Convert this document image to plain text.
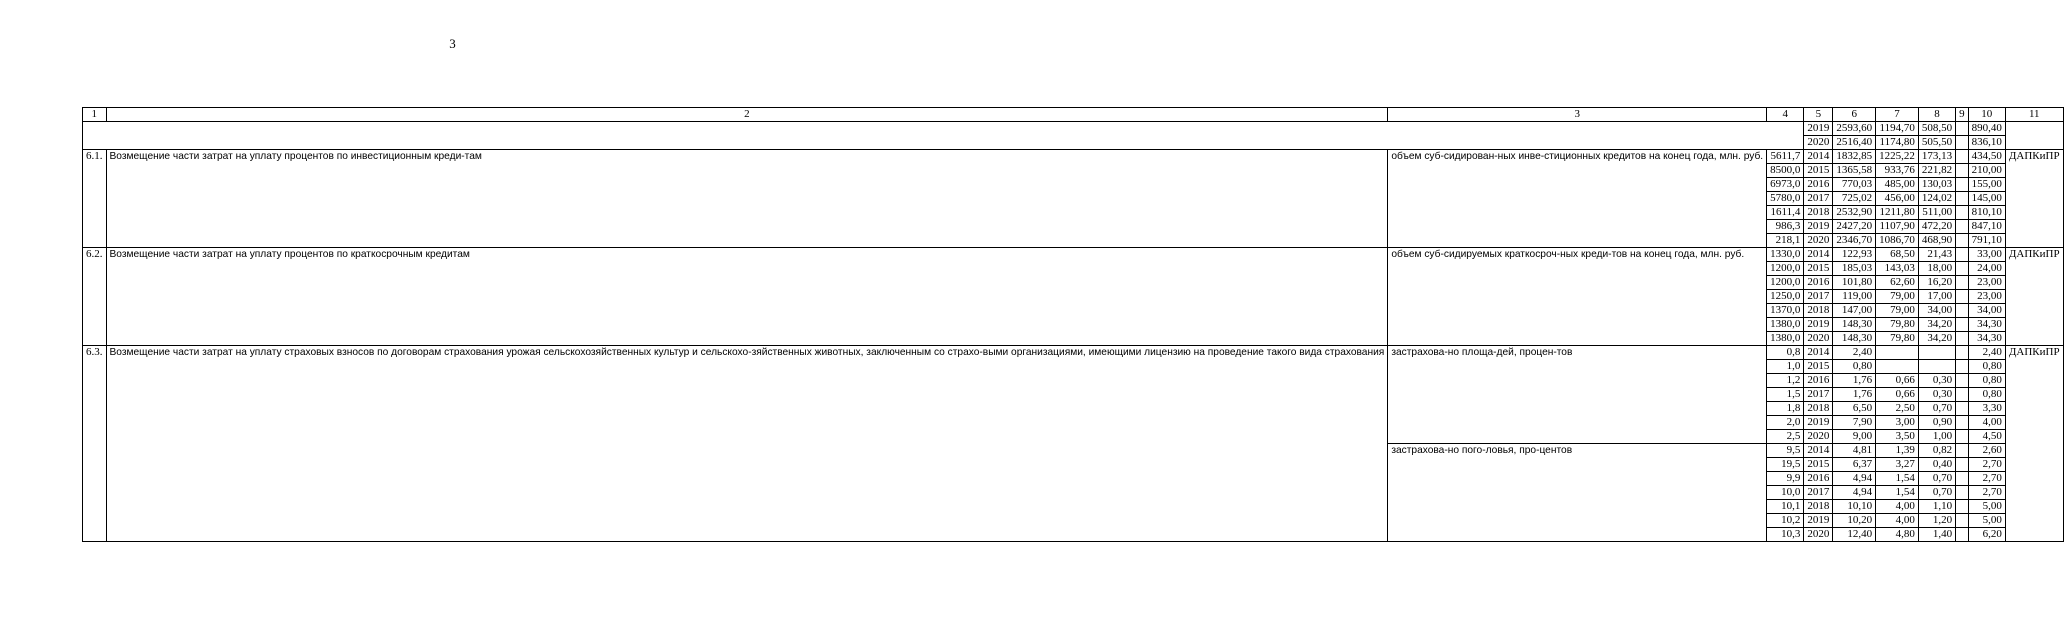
3
1	2	3	4	5	6	7	8	9	10	11
				2019	2593,60	1194,70	508,50		890,40	
				2020	2516,40	1174,80	505,50		836,10	
6.1.	Возмещение части затрат на уплату процентов по инвестиционным креди-там	объем суб-сидирован-ных инве-стиционных кредитов на конец года, млн. руб.	5611,7	2014	1832,85	1225,22	173,13		434,50	ДАПКиПР
			8500,0	2015	1365,58	933,76	221,82		210,00	
			6973,0	2016	770,03	485,00	130,03		155,00	
			5780,0	2017	725,02	456,00	124,02		145,00	
			1611,4	2018	2532,90	1211,80	511,00		810,10	
			986,3	2019	2427,20	1107,90	472,20		847,10	
			218,1	2020	2346,70	1086,70	468,90		791,10	
6.2.	Возмещение части затрат на уплату процентов по краткосрочным кредитам	объем суб-сидируемых краткосроч-ных креди-тов на конец года, млн. руб.	1330,0	2014	122,93	68,50	21,43		33,00	ДАПКиПР
			1200,0	2015	185,03	143,03	18,00		24,00	
			1200,0	2016	101,80	62,60	16,20		23,00	
			1250,0	2017	119,00	79,00	17,00		23,00	
			1370,0	2018	147,00	79,00	34,00		34,00	
			1380,0	2019	148,30	79,80	34,20		34,30	
			1380,0	2020	148,30	79,80	34,20		34,30	
6.3.	Возмещение части затрат на уплату страховых взносов по договорам страхования урожая сельскохозяйственных культур и сельскохо-зяйственных животных, заключенным со страхо-выми организациями, имеющими лицензию на проведение такого вида страхования	застрахова-но площа-дей, процен-тов	0,8	2014	2,40				2,40	ДАПКиПР
			1,0	2015	0,80				0,80	
			1,2	2016	1,76	0,66	0,30		0,80	
			1,5	2017	1,76	0,66	0,30		0,80	
			1,8	2018	6,50	2,50	0,70		3,30	
			2,0	2019	7,90	3,00	0,90		4,00	
			2,5	2020	9,00	3,50	1,00		4,50	
		застрахова-но пого-ловья, про-центов	9,5	2014	4,81	1,39	0,82		2,60	
			19,5	2015	6,37	3,27	0,40		2,70	
			9,9	2016	4,94	1,54	0,70		2,70	
			10,0	2017	4,94	1,54	0,70		2,70	
			10,1	2018	10,10	4,00	1,10		5,00	
			10,2	2019	10,20	4,00	1,20		5,00	
			10,3	2020	12,40	4,80	1,40		6,20	
